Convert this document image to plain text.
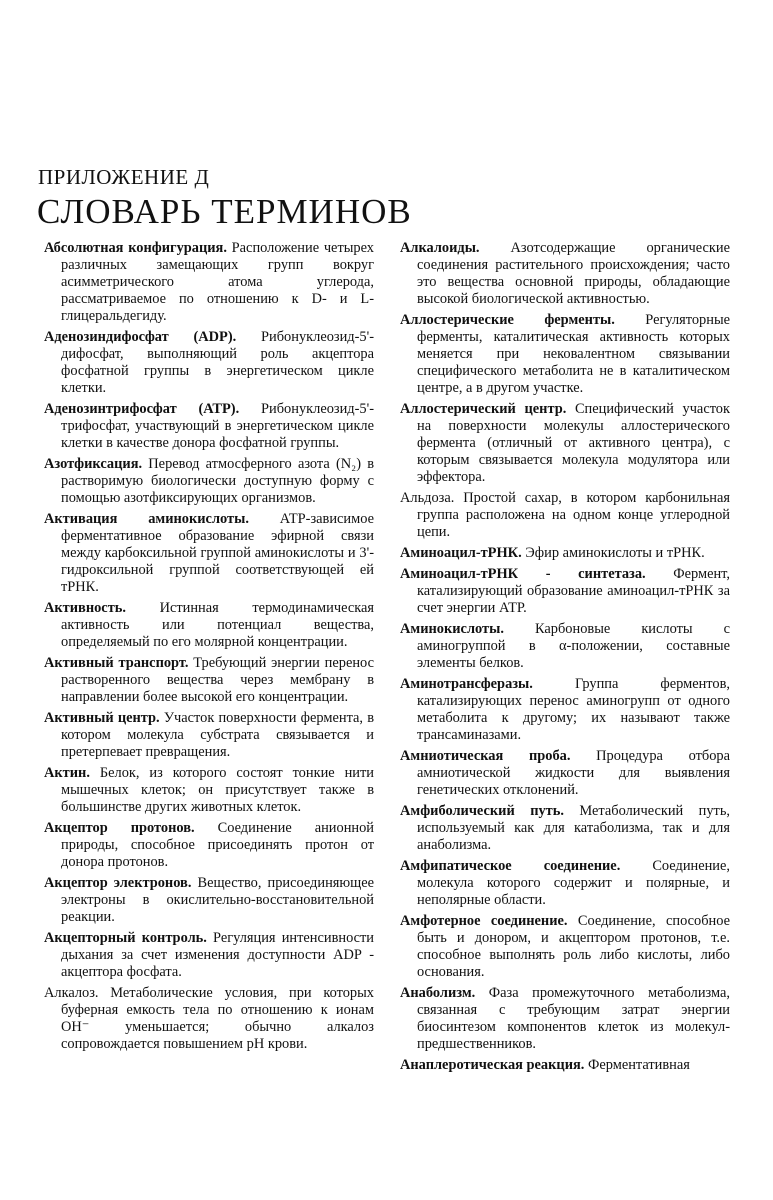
ПРИЛОЖЕНИЕ Д
СЛОВАРЬ ТЕРМИНОВ

Абсолютная конфигурация. Расположение четырех различных замещающих групп вокруг асимметрического атома углерода, рассматриваемое по отношению к D- и L-глицеральдегиду.

Аденозиндифосфат (ADP). Рибонуклеозид-5'-дифосфат, выполняющий роль акцептора фосфатной группы в энергетическом цикле клетки.

Аденозинтрифосфат (АТР). Рибонуклеозид-5'-трифосфат, участвующий в энергетическом цикле клетки в качестве донора фосфатной группы.

Азотфиксация. Перевод атмосферного азота (N₂) в растворимую биологически доступную форму с помощью азотфиксирующих организмов.

Активация аминокислоты. АТР-зависимое ферментативное образование эфирной связи между карбоксильной группой аминокислоты и 3'-гидроксильной группой соответствующей ей тРНК.

Активность. Истинная термодинамическая активность или потенциал вещества, определяемый по его молярной концентрации.

Активный транспорт. Требующий энергии перенос растворенного вещества через мембрану в направлении более высокой его концентрации.

Активный центр. Участок поверхности фермента, в котором молекула субстрата связывается и претерпевает превращения.

Актин. Белок, из которого состоят тонкие нити мышечных клеток; он присутствует также в большинстве других животных клеток.

Акцептор протонов. Соединение анионной природы, способное присоединять протон от донора протонов.

Акцептор электронов. Вещество, присоединяющее электроны в окислительно-восстановительной реакции.

Акцепторный контроль. Регуляция интенсивности дыхания за счет изменения доступности ADP - акцептора фосфата.

Алкалоз. Метаболические условия, при которых буферная емкость тела по отношению к ионам OH⁻ уменьшается; обычно алкалоз сопровождается повышением pH крови.

Алкалоиды. Азотсодержащие органические соединения растительного происхождения; часто это вещества основной природы, обладающие высокой биологической активностью.

Аллостерические ферменты. Регуляторные ферменты, каталитическая активность которых меняется при нековалентном связывании специфического метаболита не в каталитическом центре, а в другом участке.

Аллостерический центр. Специфический участок на поверхности молекулы аллостерического фермента (отличный от активного центра), с которым связывается молекула модулятора или эффектора.

Альдоза. Простой сахар, в котором карбонильная группа расположена на одном конце углеродной цепи.

Аминоацил-тРНК. Эфир аминокислоты и тРНК.

Аминоацил-тРНК - синтетаза. Фермент, катализирующий образование аминоацил-тРНК за счет энергии АТР.

Аминокислоты. Карбоновые кислоты с аминогруппой в α-положении, составные элементы белков.

Аминотрансферазы. Группа ферментов, катализирующих перенос аминогрупп от одного метаболита к другому; их называют также трансаминазами.

Амниотическая проба. Процедура отбора амниотической жидкости для выявления генетических отклонений.

Амфиболический путь. Метаболический путь, используемый как для катаболизма, так и для анаболизма.

Амфипатическое соединение. Соединение, молекула которого содержит и полярные, и неполярные области.

Амфотерное соединение. Соединение, способное быть и донором, и акцептором протонов, т.е. способное выполнять роль либо кислоты, либо основания.

Анаболизм. Фаза промежуточного метаболизма, связанная с требующим затрат энергии биосинтезом компонентов клеток из молекул-предшественников.

Анаплеротическая реакция. Ферментативная
